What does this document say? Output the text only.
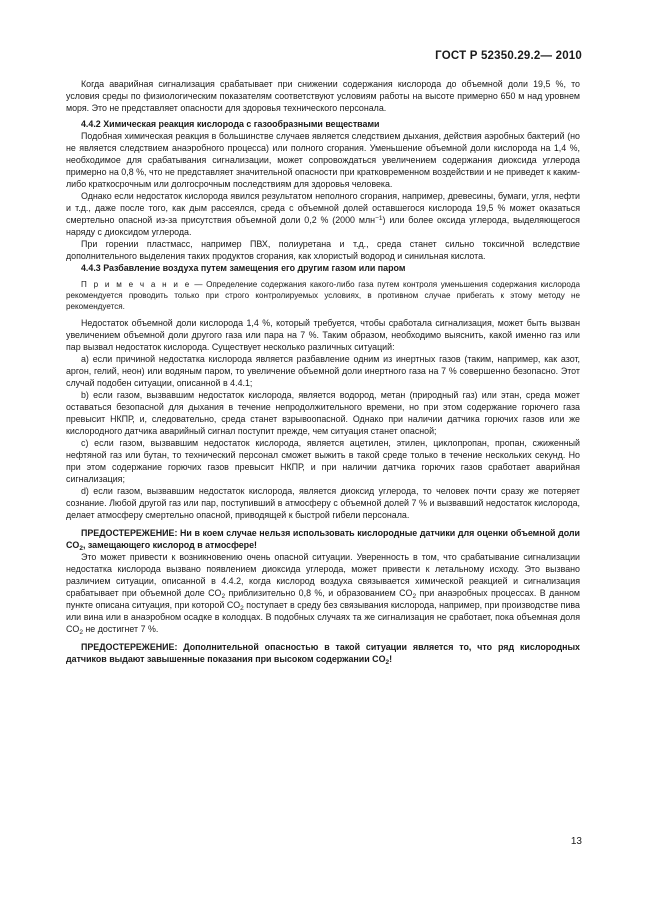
ГОСТ Р 52350.29.2— 2010

Когда аварийная сигнализация срабатывает при снижении содержания кислорода до объемной доли 19,5 %, то условия среды по физиологическим показателям соответствуют условиям работы на высоте примерно 650 м над уровнем моря. Это не представляет опасности для здоровья технического персонала.

4.4.2 Химическая реакция кислорода с газообразными веществами

Подобная химическая реакция в большинстве случаев является следствием дыхания, действия аэробных бактерий (но не является следствием анаэробного процесса) или полного сгорания. Уменьшение объемной доли кислорода на 1,4 %, необходимое для срабатывания сигнализации, может сопровождаться увеличением содержания диоксида углерода примерно на 0,8 %, что не представляет значительной опасности при кратковременном воздействии и не приведет к каким-либо краткосрочным или долгосрочным последствиям для здоровья человека.

Однако если недостаток кислорода явился результатом неполного сгорания, например, древесины, бумаги, угля, нефти и т.д., даже после того, как дым рассеялся, среда с объемной долей оставшегося кислорода 19,5 % может оказаться смертельно опасной из-за присутствия объемной доли 0,2 % (2000 млн$^{-1}$) или более оксида углерода, выделяющегося наряду с диоксидом углерода.

При горении пластмасс, например ПВХ, полиуретана и т.д., среда станет сильно токсичной вследствие дополнительного выделения таких продуктов сгорания, как хлористый водород и синильная кислота.

4.4.3 Разбавление воздуха путем замещения его другим газом или паром

П р и м е ч а н и е — Определение содержания какого-либо газа путем контроля уменьшения содержания кислорода рекомендуется проводить только при строго контролируемых условиях, в противном случае прибегать к этому методу не рекомендуется.

Недостаток объемной доли кислорода 1,4 %, который требуется, чтобы сработала сигнализация, может быть вызван увеличением объемной доли другого газа или пара на 7 %. Таким образом, необходимо выяснить, какой именно газ или пар вызвал недостаток кислорода. Существует несколько различных ситуаций:

а) если причиной недостатка кислорода является разбавление одним из инертных газов (таким, например, как азот, аргон, гелий, неон) или водяным паром, то увеличение объемной доли инертного газа на 7 % совершенно безопасно. Этот случай подобен ситуации, описанной в 4.4.1;

b) если газом, вызвавшим недостаток кислорода, является водород, метан (природный газ) или этан, среда может оставаться безопасной для дыхания в течение непродолжительного времени, но при этом содержание горючего газа превысит НКПР, и, следовательно, среда станет взрывоопасной. Однако при наличии датчика горючих газов или же кислородного датчика аварийный сигнал поступит прежде, чем ситуация станет опасной;

c) если газом, вызвавшим недостаток кислорода, является ацетилен, этилен, циклопропан, пропан, сжиженный нефтяной газ или бутан, то технический персонал сможет выжить в такой среде только в течение нескольких секунд. Но при этом содержание горючих газов превысит НКПР, и при наличии датчика горючих газов сработает аварийная сигнализация;

d) если газом, вызвавшим недостаток кислорода, является диоксид углерода, то человек почти сразу же потеряет сознание. Любой другой газ или пар, поступивший в атмосферу с объемной долей 7 % и вызвавший недостаток кислорода, делает атмосферу смертельно опасной, приводящей к быстрой гибели персонала.

ПРЕДОСТЕРЕЖЕНИЕ: Ни в коем случае нельзя использовать кислородные датчики для оценки объемной доли $CO_2$, замещающего кислород в атмосфере!

Это может привести к возникновению очень опасной ситуации. Уверенность в том, что срабатывание сигнализации недостатка кислорода вызвано появлением диоксида углерода, может привести к летальному исходу. Это вызвано различием ситуации, описанной в 4.4.2, когда кислород воздуха связывается химической реакцией и сигнализация срабатывает при объемной доле $CO_2$ приблизительно 0,8 %, и образованием $CO_2$ при анаэробных процессах. В данном пункте описана ситуация, при которой $CO_2$ поступает в среду без связывания кислорода, например, при производстве пива или вина или в анаэробном осадке в колодцах. В подобных случаях та же сигнализация не сработает, пока объемная доля $CO_2$ не достигнет 7 %.

ПРЕДОСТЕРЕЖЕНИЕ: Дополнительной опасностью в такой ситуации является то, что ряд кислородных датчиков выдают завышенные показания при высоком содержании $CO_2$!

13
